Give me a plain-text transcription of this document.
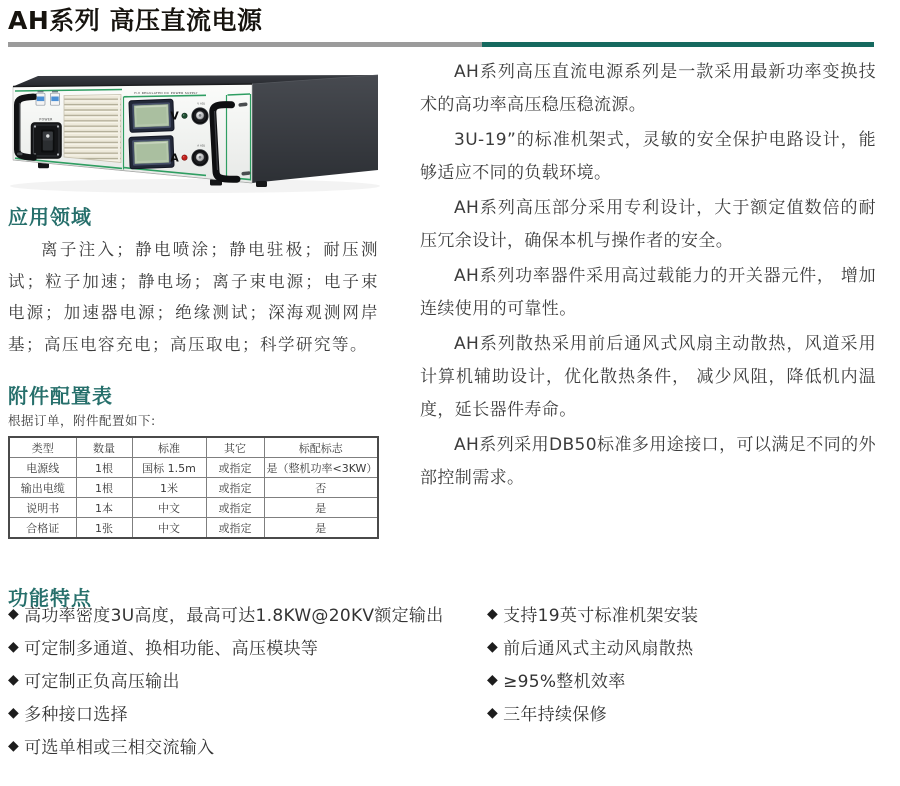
AH系列 高压直流电源
POWER
H.V REGULATED DC POWER SUPPLY
V
A
V ADJ
A ADJ

AH系列高压直流电源系列是一款采用最新功率变换技术的高功率高压稳压稳流源。

3U-19”的标准机架式，灵敏的安全保护电路设计，能够适应不同的负载环境。

AH系列高压部分采用专利设计，大于额定值数倍的耐压冗余设计，确保本机与操作者的安全。

AH系列功率器件采用高过载能力的开关器元件， 增加连续使用的可靠性。

AH系列散热采用前后通风式风扇主动散热，风道采用计算机辅助设计，优化散热条件， 减少风阻，降低机内温度，延长器件寿命。

AH系列采用DB50标准多用途接口，可以满足不同的外部控制需求。

应用领域

离子注入；静电喷涂；静电驻极；耐压测试；粒子加速；静电场；离子束电源；电子束电源；加速器电源；绝缘测试；深海观测网岸基；高压电容充电；高压取电；科学研究等。

附件配置表

根据订单，附件配置如下:

类型	数量	标准	其它	标配标志
电源线	1根	国标 1.5m	或指定	是（整机功率<3KW）
输出电缆	1根	1米	或指定	否
说明书	1本	中文	或指定	是
合格证	1张	中文	或指定	是
功能特点
◆ 高功率密度3U高度，最高可达1.8KW@20KV额定输出
◆ 可定制多通道、换相功能、高压模块等
◆ 可定制正负高压输出
◆ 多种接口选择
◆ 可选单相或三相交流输入
◆ 支持19英寸标准机架安装
◆ 前后通风式主动风扇散热
◆ ≥95%整机效率
◆ 三年持续保修
